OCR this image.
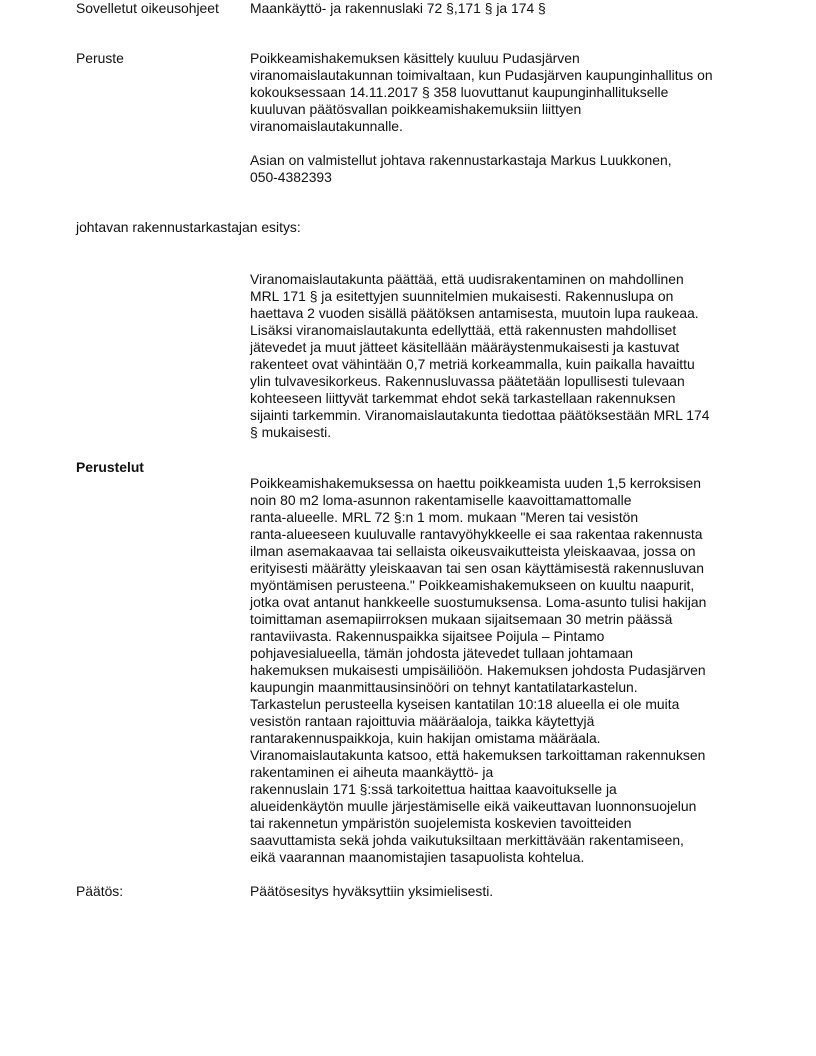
Sovelletut oikeusohjeet Maankäyttö- ja rakennuslaki 72 §,171 § ja 174 §
Peruste	Poikkeamishakemuksen käsittely kuuluu Pudasjärven
viranomaislautakunnan toimivaltaan, kun Pudasjärven kaupunginhallitus on
kokouksessaan 14.11.2017 § 358 luovuttanut kaupunginhallitukselle
kuuluvan päätösvallan poikkeamishakemuksiin liittyen
viranomaislautakunnalle.
Asian on valmistellut johtava rakennustarkastaja Markus Luukkonen,
050-4382393
johtavan rakennustarkastajan esitys:
Viranomaislautakunta päättää, että uudisrakentaminen on mahdollinen
MRL 171 § ja esitettyjen suunnitelmien mukaisesti. Rakennuslupa on
haettava 2 vuoden sisällä päätöksen antamisesta, muutoin lupa raukeaa.
Lisäksi viranomaislautakunta edellyttää, että rakennusten mahdolliset
jätevedet ja muut jätteet käsitellään määräystenmukaisesti ja kastuvat
rakenteet ovat vähintään 0,7 metriä korkeammalla, kuin paikalla havaittu
ylin tulvavesikorkeus. Rakennusluvassa päätetään lopullisesti tulevaan
kohteeseen liittyvät tarkemmat ehdot sekä tarkastellaan rakennuksen
sijainti tarkemmin. Viranomaislautakunta tiedottaa päätöksestään MRL 174
§ mukaisesti.
Perustelut
Poikkeamishakemuksessa on haettu poikkeamista uuden 1,5 kerroksisen
noin 80 m2 loma-asunnon rakentamiselle kaavoittamattomalle
ranta-alueelle. MRL 72 §:n 1 mom. mukaan "Meren tai vesistön
ranta-alueeseen kuuluvalle rantavyöhykkeelle ei saa rakentaa rakennusta
ilman asemakaavaa tai sellaista oikeusvaikutteista yleiskaavaa, jossa on
erityisesti määrätty yleiskaavan tai sen osan käyttämisestä rakennusluvan
myöntämisen perusteena." Poikkeamishakemukseen on kuultu naapurit,
jotka ovat antanut hankkeelle suostumuksensa. Loma-asunto tulisi hakijan
toimittaman asemapiirroksen mukaan sijaitsemaan 30 metrin päässä
rantaviivasta. Rakennuspaikka sijaitsee Poijula – Pintamo
pohjavesialueella, tämän johdosta jätevedet tullaan johtamaan
hakemuksen mukaisesti umpisäiliöön. Hakemuksen johdosta Pudasjärven
kaupungin maanmittausinsinööri on tehnyt kantatilatarkastelun.
Tarkastelun perusteella kyseisen kantatilan 10:18 alueella ei ole muita
vesistön rantaan rajoittuvia määräaloja, taikka käytettyjä
rantarakennuspaikkoja, kuin hakijan omistama määräala.
Viranomaislautakunta katsoo, että hakemuksen tarkoittaman rakennuksen
rakentaminen ei aiheuta maankäyttö- ja
rakennuslain 171 §:ssä tarkoitettua haittaa kaavoitukselle ja
alueidenkäytön muulle järjestämiselle eikä vaikeuttavan luonnonsuojelun
tai rakennetun ympäristön suojelemista koskevien tavoitteiden
saavuttamista sekä johda vaikutuksiltaan merkittävään rakentamiseen,
eikä vaarannan maanomistajien tasapuolista kohtelua.
Päätös:	Päätösesitys hyväksyttiin yksimielisesti.
